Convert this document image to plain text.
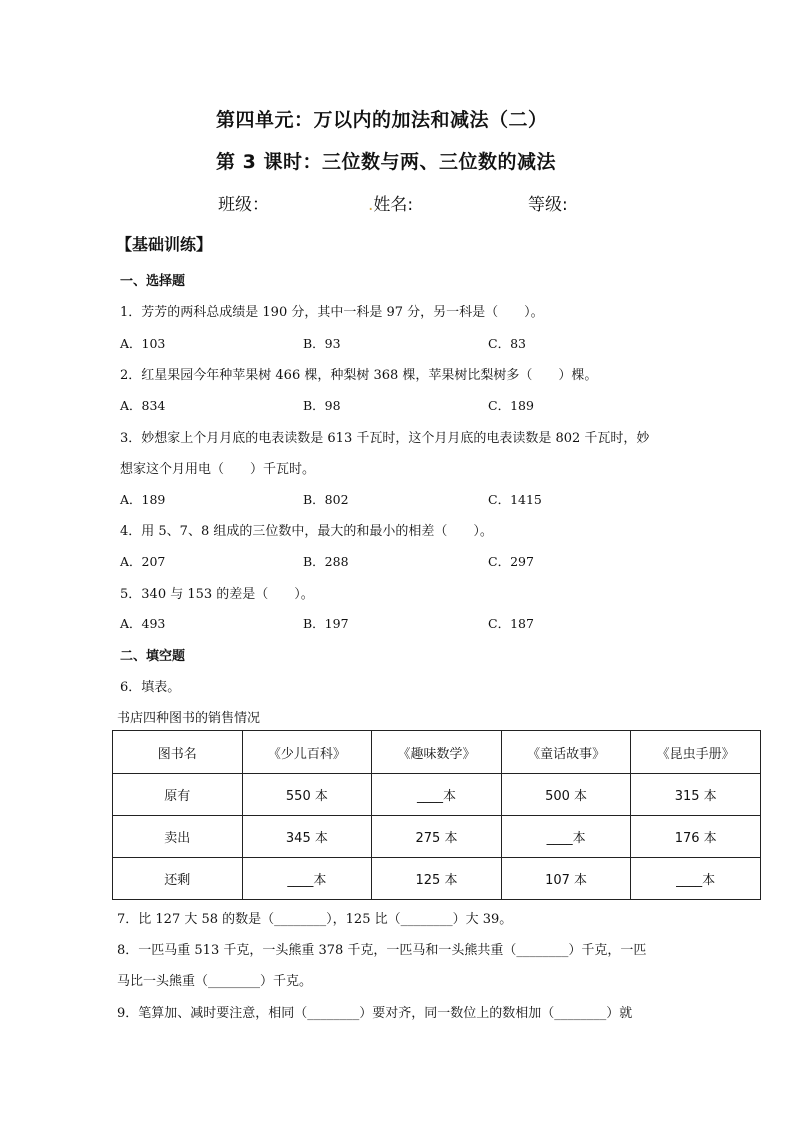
第四单元：万以内的加法和减法（二）
第 3 课时：三位数与两、三位数的减法
班级：	.姓名:	等级:
【基础训练】
一、选择题
1．芳芳的两科总成绩是 190 分，其中一科是 97 分，另一科是（　　）。
A．103	B．93	C．83
2．红星果园今年种苹果树 466 棵，种梨树 368 棵，苹果树比梨树多（　　）棵。
A．834	B．98	C．189
3．妙想家上个月月底的电表读数是 613 千瓦时，这个月月底的电表读数是 802 千瓦时，妙
想家这个月用电（　　）千瓦时。
A．189	B．802	C．1415
4．用 5、7、8 组成的三位数中，最大的和最小的相差（　　）。
A．207	B．288	C．297
5．340 与 153 的差是（　　）。
A．493	B．197	C．187
二、填空题
6．填表。
书店四种图书的销售情况
图书名	《少儿百科》	《趣味数学》	《童话故事》	《昆虫手册》
原有	550 本	____本	500 本	315 本
卖出	345 本	275 本	____本	176 本
还剩	____本	125 本	107 本	____本
7．比 127 大 58 的数是（________），125 比（________）大 39。
8．一匹马重 513 千克，一头熊重 378 千克，一匹马和一头熊共重（________）千克，一匹
马比一头熊重（________）千克。
9．笔算加、减时要注意，相同（________）要对齐，同一数位上的数相加（________）就
